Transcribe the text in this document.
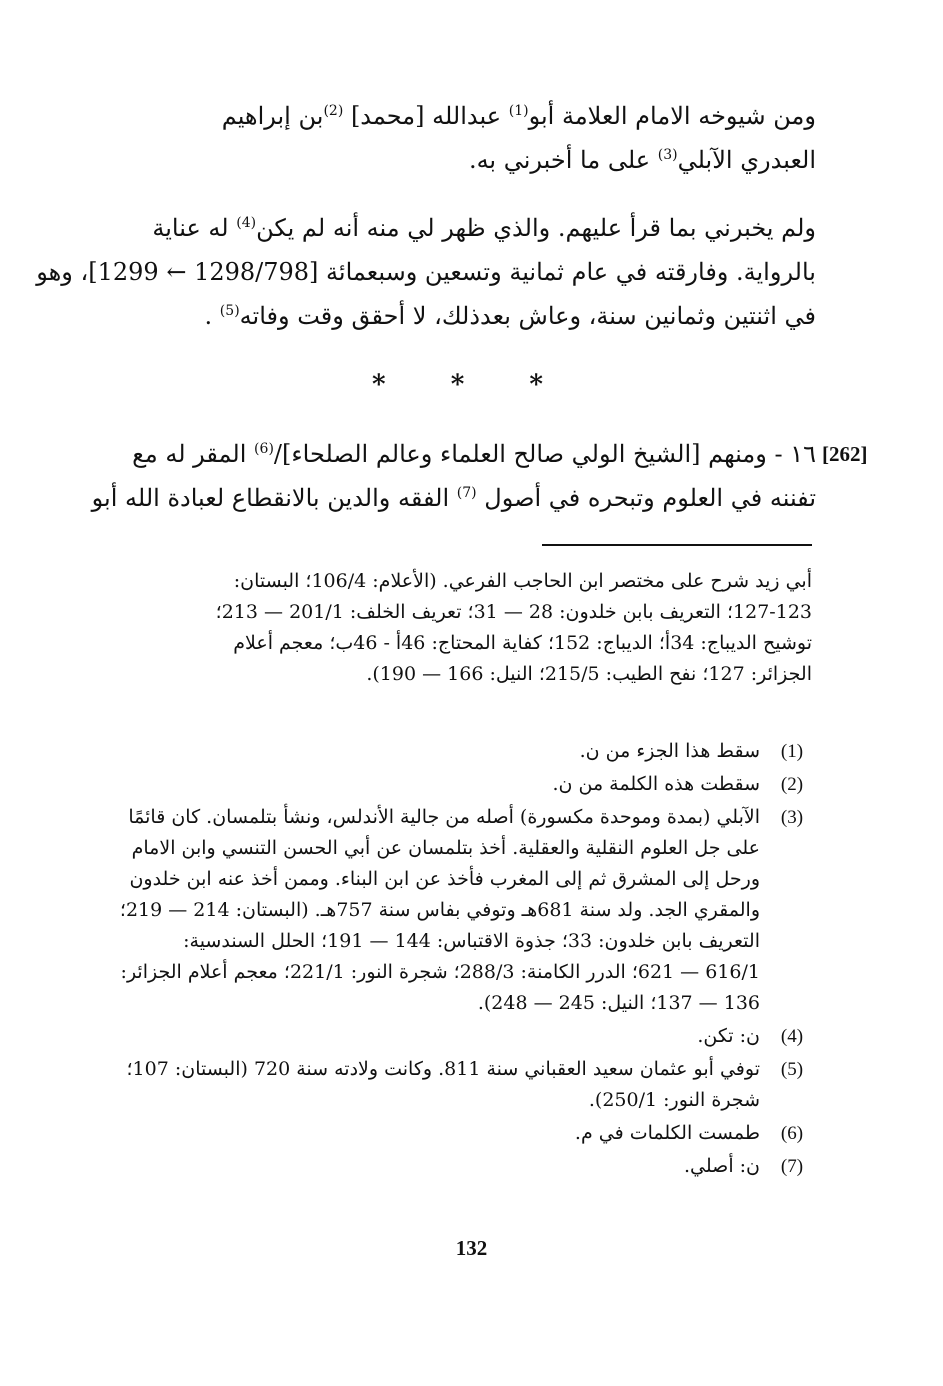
ومن شيوخه الامام العلامة أبو$^{(1)}$ عبدالله [محمد] $^{(2)}$بن إبراهيم
العبدري الآبلي$^{(3)}$ على ما أخبرني به.
ولم يخبرني بما قرأ عليهم. والذي ظهر لي منه أنه لم يكن$^{(4)}$ له عناية
بالرواية. وفارقته في عام ثمانية وتسعين وسبعمائة [1298/798 ← 1299]، وهو
في اثنتين وثمانين سنة، وعاش بعدذلك، لا أحقق وقت وفاته$^{(5)}$ .
* * *
[262]
١٦ - ومنهم [الشيخ الولي صالح العلماء وعالم الصلحاء]/$^{(6)}$ المقر له مع
تفننه في العلوم وتبحره في أصول $^{(7)}$ الفقه والدين بالانقطاع لعبادة الله أبو
أبي زيد شرح على مختصر ابن الحاجب الفرعي. (الأعلام: 106/4؛ البستان:
127-123؛ التعريف بابن خلدون: 28 — 31؛ تعريف الخلف: 201/1 — 213؛
توشيح الديباج: 34أ؛ الديباج: 152؛ كفاية المحتاج: 46أ - 46ب؛ معجم أعلام
الجزائر: 127؛ نفح الطيب: 215/5؛ النيل: 166 — 190).
(1)
سقط هذا الجزء من ن.
(2)
سقطت هذه الكلمة من ن.
(3)
الآبلي (بمدة وموحدة مكسورة) أصله من جالية الأندلس، ونشأ بتلمسان. كان قائمًا
على جل العلوم النقلية والعقلية. أخذ بتلمسان عن أبي الحسن التنسي وابن الامام
ورحل إلى المشرق ثم إلى المغرب فأخذ عن ابن البناء. وممن أخذ عنه ابن خلدون
والمقري الجد. ولد سنة 681هـ وتوفي بفاس سنة 757هـ. (البستان: 214 — 219؛
التعريف بابن خلدون: 33؛ جذوة الاقتباس: 144 — 191؛ الحلل السندسية:
616/1 — 621؛ الدرر الكامنة: 288/3؛ شجرة النور: 221/1؛ معجم أعلام الجزائر:
136 — 137؛ النيل: 245 — 248).
(4)
ن: تكن.
(5)
توفي أبو عثمان سعيد العقباني سنة 811. وكانت ولادته سنة 720 (البستان: 107؛
شجرة النور: 250/1).
(6)
طمست الكلمات في م.
(7)
ن: أصلي.
132
